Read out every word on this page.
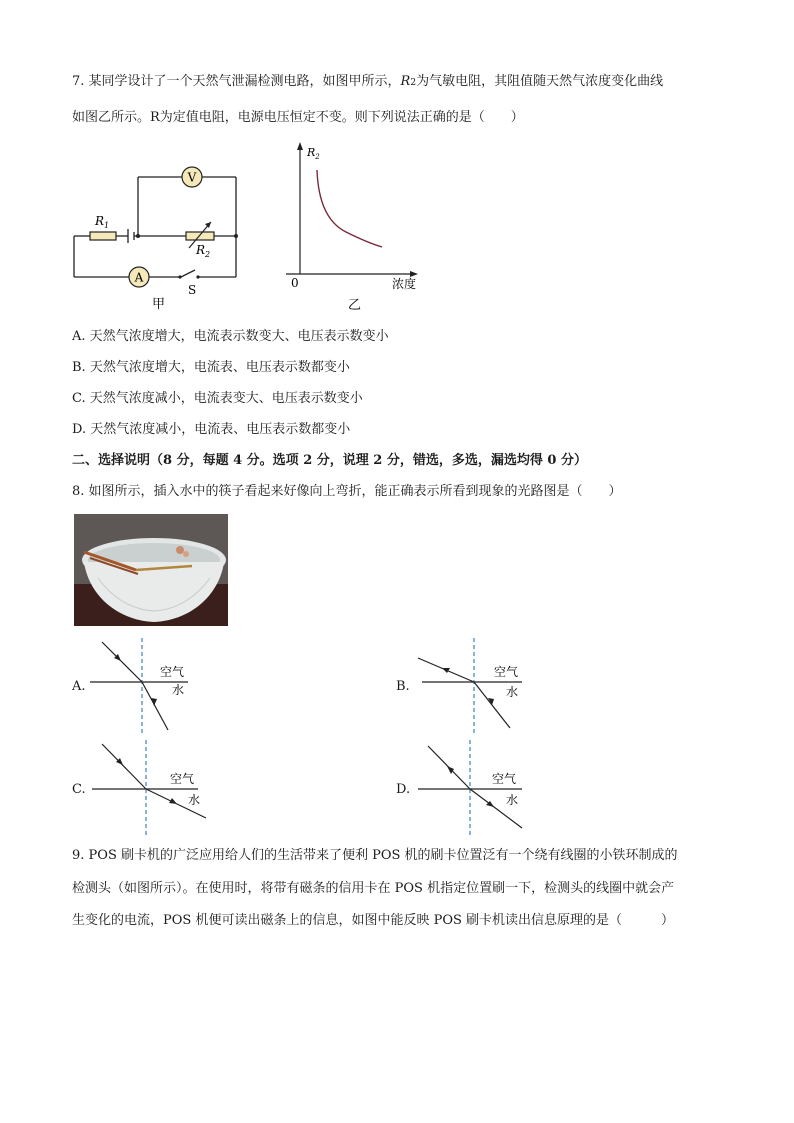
7. 某同学设计了一个天然气泄漏检测电路，如图甲所示，R2为气敏电阻，其阻值随天然气浓度变化曲线
如图乙所示。R为定值电阻，电源电压恒定不变。则下列说法正确的是（　　）
$R_1$
$R_2$
V
A
S
甲
$R_2$
0	浓度
乙
A. 天然气浓度增大，电流表示数变大、电压表示数变小
B. 天然气浓度增大，电流表、电压表示数都变小
C. 天然气浓度减小，电流表变大、电压表示数变小
D. 天然气浓度减小，电流表、电压表示数都变小
二、选择说明（8 分，每题 4 分。选项 2 分，说理 2 分，错选，多选，漏选均得 0 分）
8. 如图所示，插入水中的筷子看起来好像向上弯折，能正确表示所看到现象的光路图是（　　）
A.
空气
水	B.
空气
水
C.
空气
水
D.
空气
水
9. POS 刷卡机的广泛应用给人们的生活带来了便利 POS 机的刷卡位置泛有一个绕有线圈的小铁环制成的
检测头（如图所示）。在使用时，将带有磁条的信用卡在 POS 机指定位置刷一下，检测头的线圈中就会产
生变化的电流，POS 机便可读出磁条上的信息，如图中能反映 POS 刷卡机读出信息原理的是（　　　）
